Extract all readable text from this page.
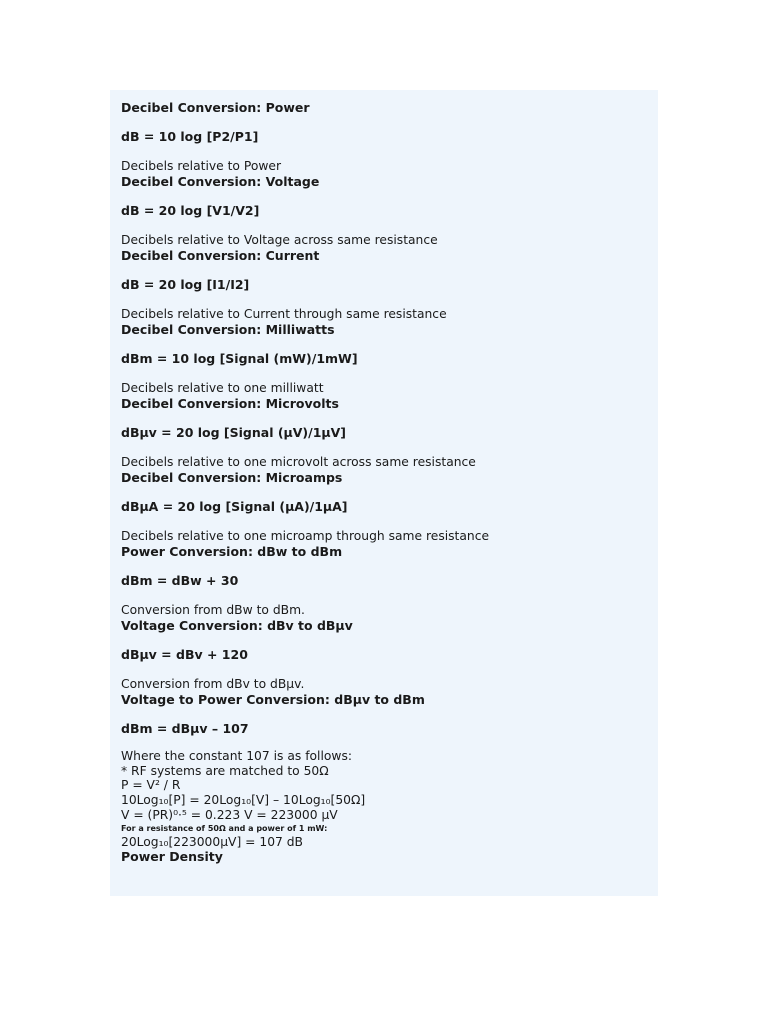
Decibel Conversion: Power
dB = 10 log [P2/P1]
Decibels relative to Power
Decibel Conversion: Voltage
dB = 20 log [V1/V2]
Decibels relative to Voltage across same resistance
Decibel Conversion: Current
dB = 20 log [I1/I2]
Decibels relative to Current through same resistance
Decibel Conversion: Milliwatts
dBm = 10 log [Signal (mW)/1mW]
Decibels relative to one milliwatt
Decibel Conversion: Microvolts
dBμv = 20 log [Signal (μV)/1μV]
Decibels relative to one microvolt across same resistance
Decibel Conversion: Microamps
dBμA = 20 log [Signal (μA)/1μA]
Decibels relative to one microamp through same resistance
Power Conversion: dBw to dBm
dBm = dBw + 30
Conversion from dBw to dBm.
Voltage Conversion: dBv to dBμv
dBμv = dBv + 120
Conversion from dBv to dBμv.
Voltage to Power Conversion: dBμv to dBm
dBm = dBμv – 107
Where the constant 107 is as follows:
* RF systems are matched to 50Ω
P = V² / R
10Log₁₀[P] = 20Log₁₀[V] – 10Log₁₀[50Ω]
V = (PR)⁰·⁵ = 0.223 V = 223000 μV
For a resistance of 50Ω and a power of 1 mW:
20Log₁₀[223000μV] = 107 dB
Power Density
